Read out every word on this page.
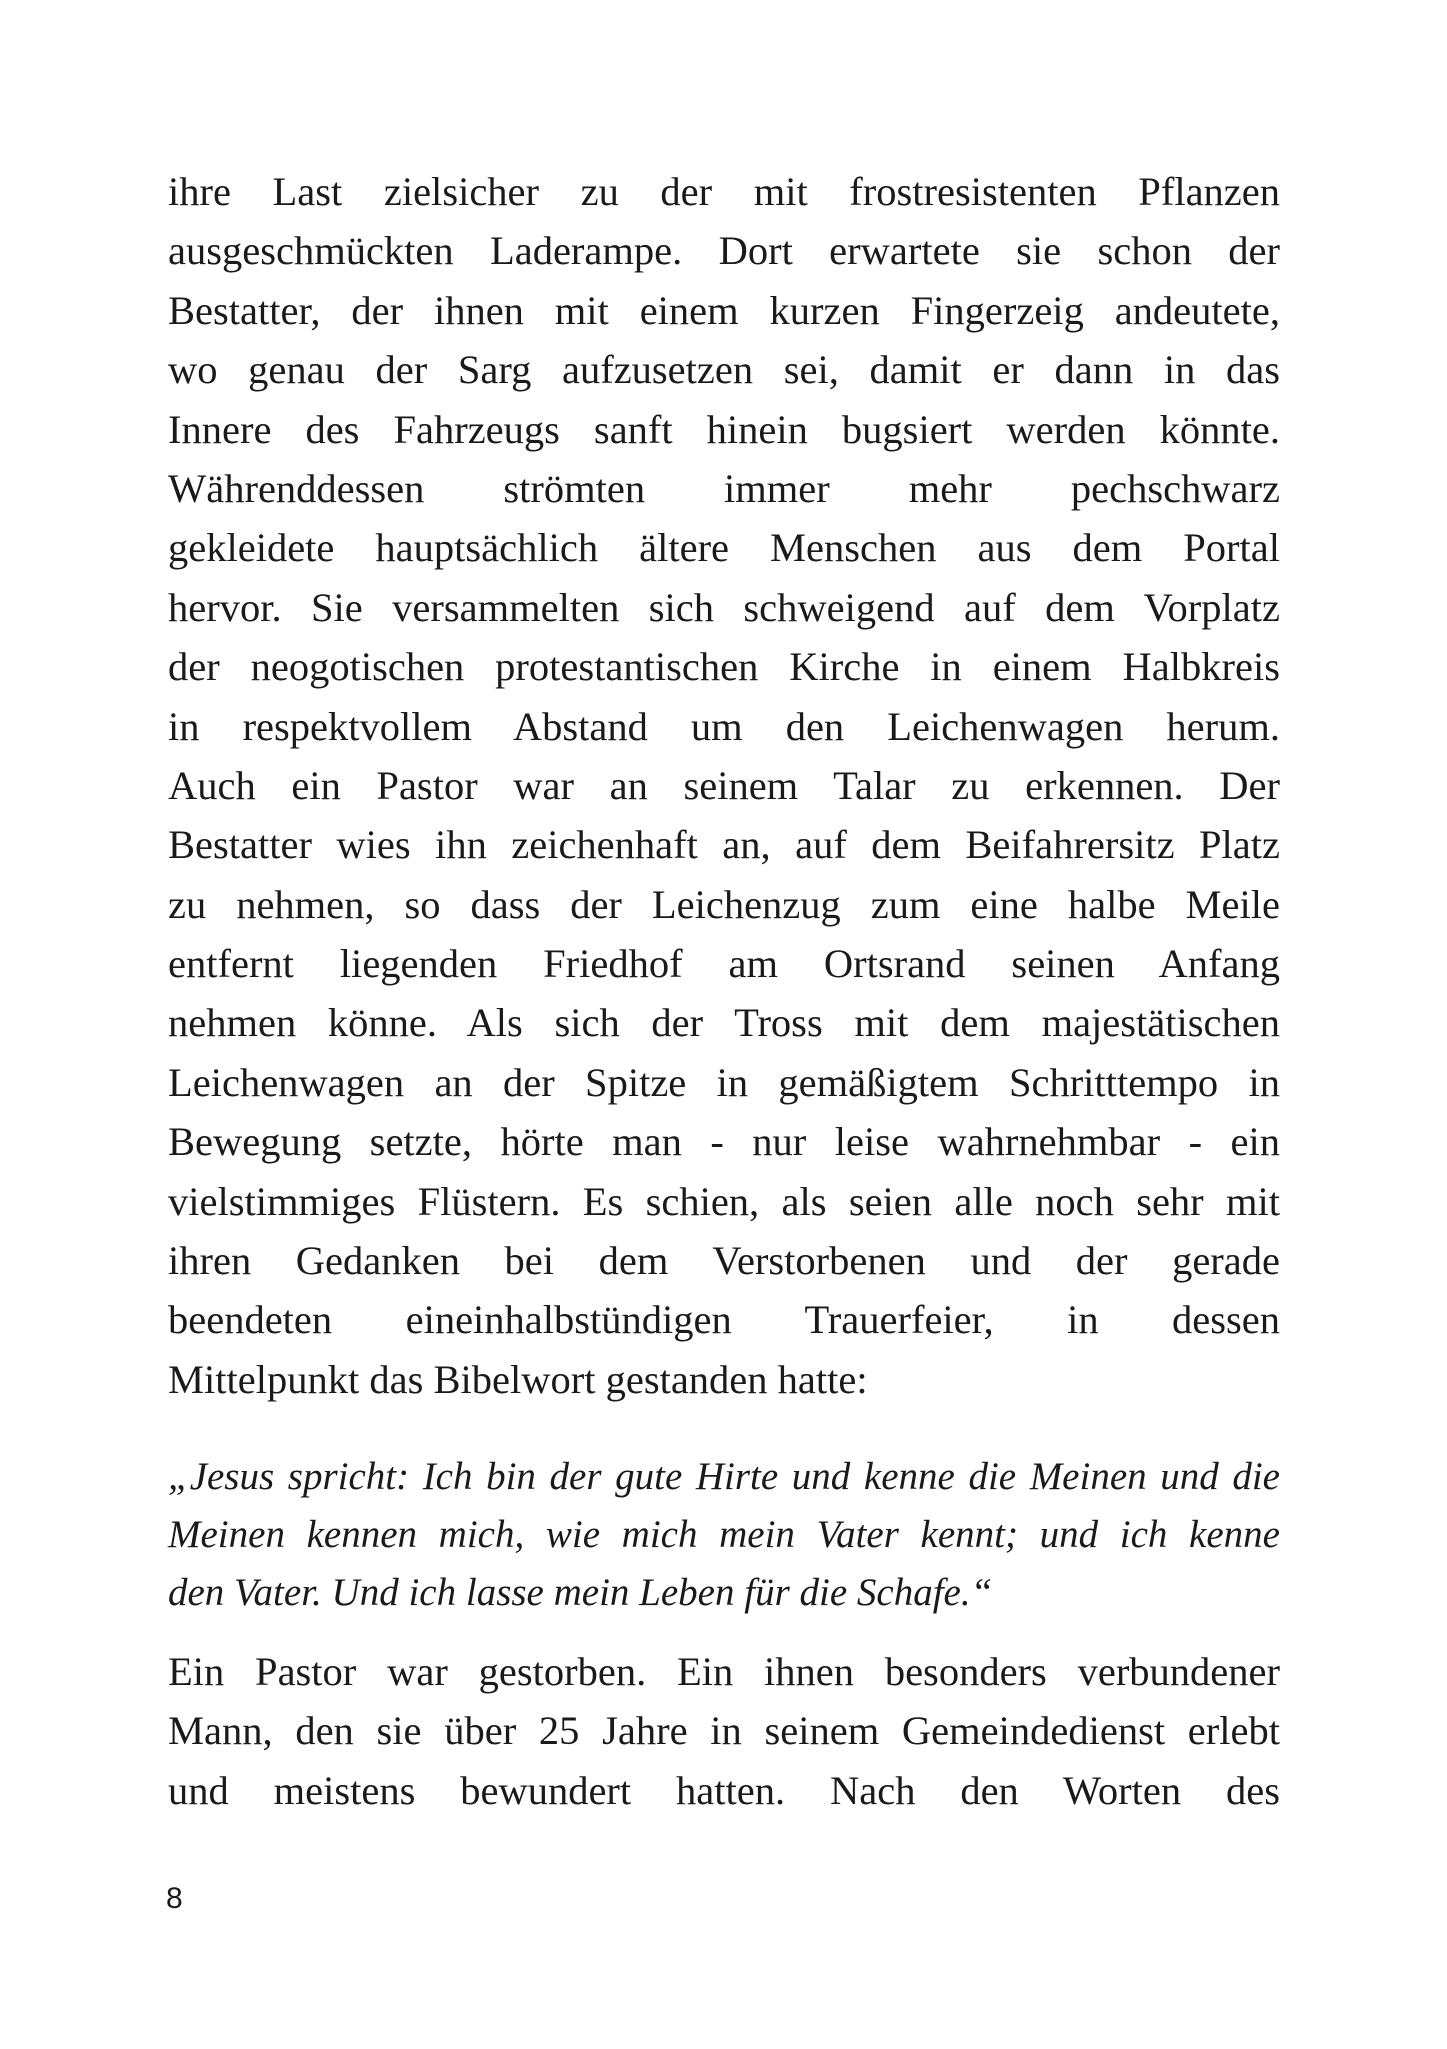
ihre Last zielsicher zu der mit frostresistenten Pflanzen
ausgeschmückten Laderampe. Dort erwartete sie schon der
Bestatter, der ihnen mit einem kurzen Fingerzeig andeutete,
wo genau der Sarg aufzusetzen sei, damit er dann in das
Innere des Fahrzeugs sanft hinein bugsiert werden könnte.
Währenddessen strömten immer mehr pechschwarz
gekleidete hauptsächlich ältere Menschen aus dem Portal
hervor. Sie versammelten sich schweigend auf dem Vorplatz
der neogotischen protestantischen Kirche in einem Halbkreis
in respektvollem Abstand um den Leichenwagen herum.
Auch ein Pastor war an seinem Talar zu erkennen. Der
Bestatter wies ihn zeichenhaft an, auf dem Beifahrersitz Platz
zu nehmen, so dass der Leichenzug zum eine halbe Meile
entfernt liegenden Friedhof am Ortsrand seinen Anfang
nehmen könne. Als sich der Tross mit dem majestätischen
Leichenwagen an der Spitze in gemäßigtem Schritttempo in
Bewegung setzte, hörte man - nur leise wahrnehmbar - ein
vielstimmiges Flüstern. Es schien, als seien alle noch sehr mit
ihren Gedanken bei dem Verstorbenen und der gerade
beendeten eineinhalbstündigen Trauerfeier, in dessen
Mittelpunkt das Bibelwort gestanden hatte:
„Jesus spricht: Ich bin der gute Hirte und kenne die Meinen und die
Meinen kennen mich, wie mich mein Vater kennt; und ich kenne
den Vater. Und ich lasse mein Leben für die Schafe.“
Ein Pastor war gestorben. Ein ihnen besonders verbundener
Mann, den sie über 25 Jahre in seinem Gemeindedienst erlebt
und meistens bewundert hatten. Nach den Worten des
8
